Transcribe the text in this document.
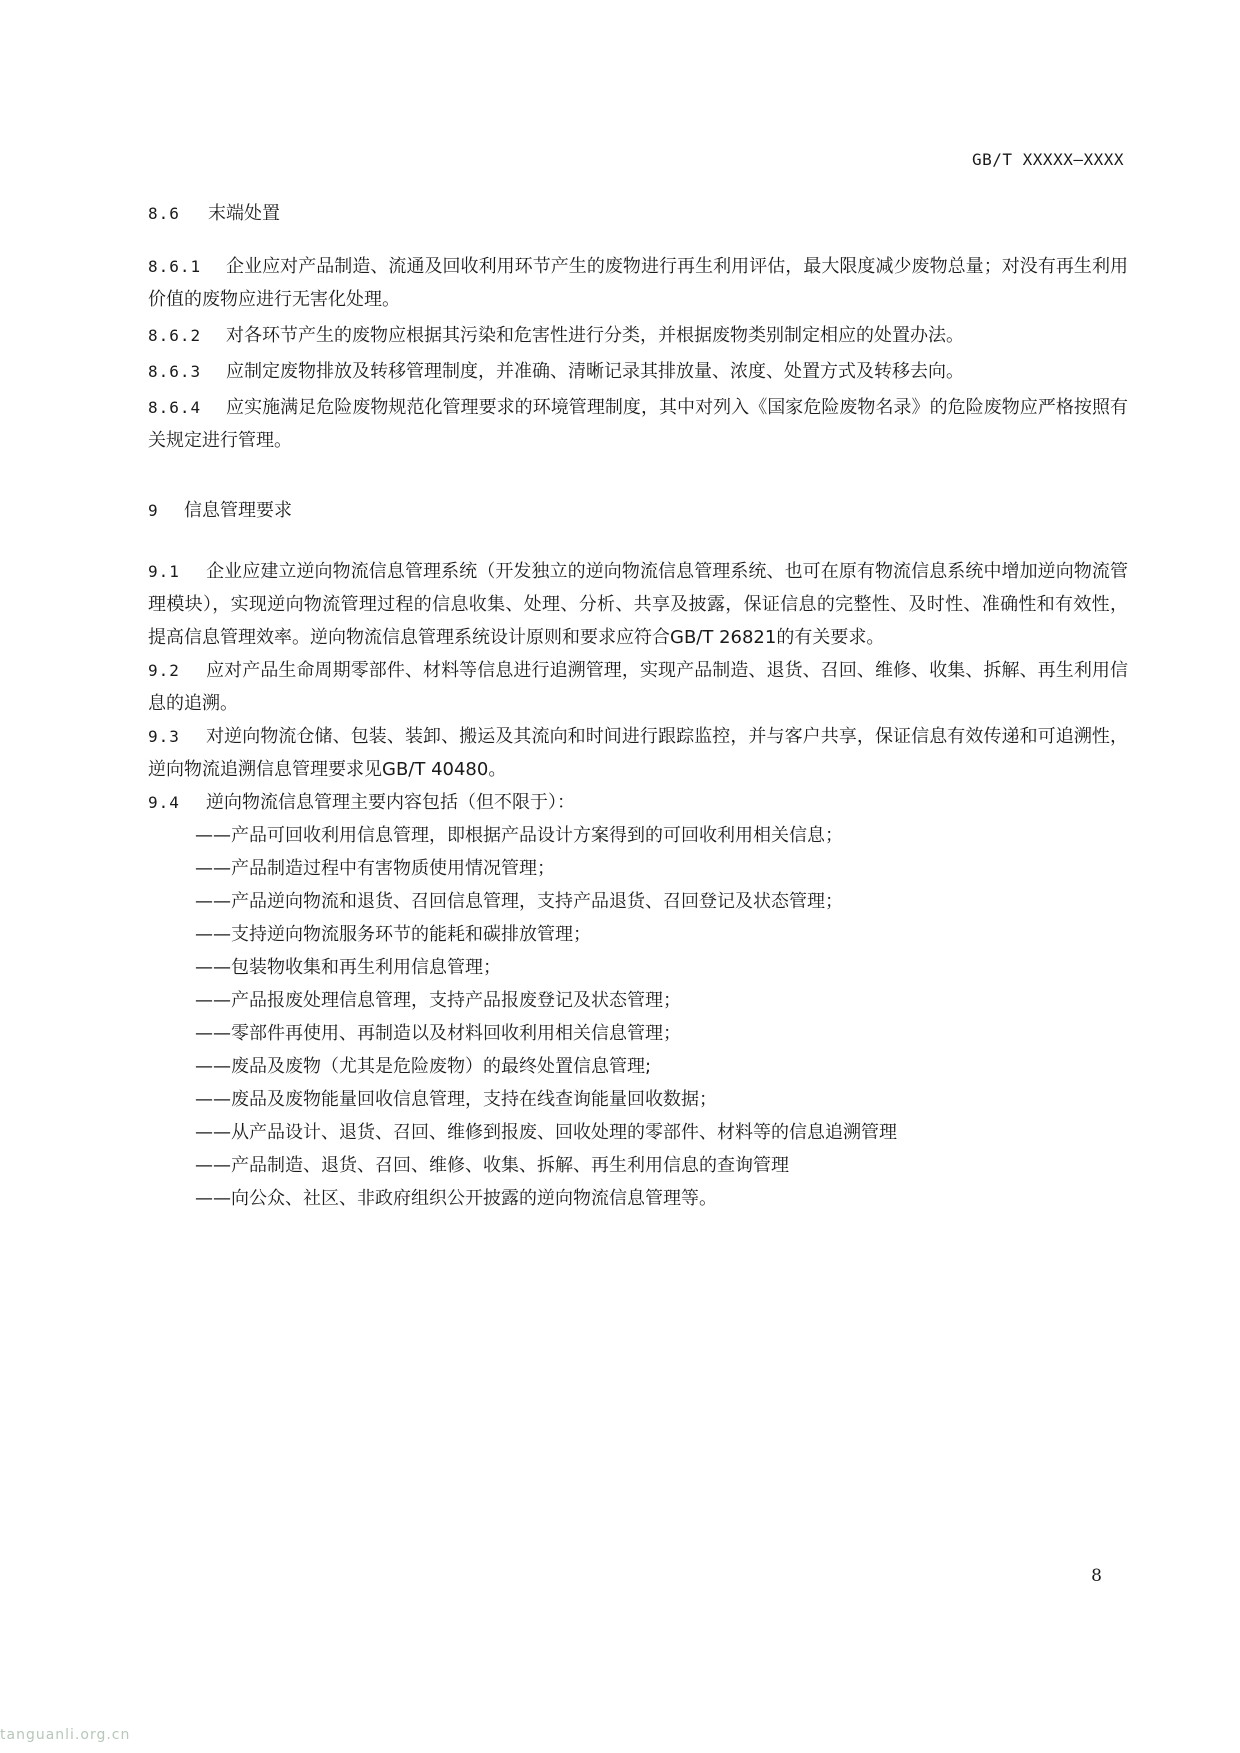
GB/T XXXXX—XXXX
8.6 末端处置

8.6.1 企业应对产品制造、流通及回收利用环节产生的废物进行再生利用评估，最大限度减少废物总量；对没有再生利用价值的废物应进行无害化处理。

8.6.2 对各环节产生的废物应根据其污染和危害性进行分类，并根据废物类别制定相应的处置办法。

8.6.3 应制定废物排放及转移管理制度，并准确、清晰记录其排放量、浓度、处置方式及转移去向。

8.6.4 应实施满足危险废物规范化管理要求的环境管理制度，其中对列入《国家危险废物名录》的危险废物应严格按照有关规定进行管理。

9 信息管理要求

9.1 企业应建立逆向物流信息管理系统（开发独立的逆向物流信息管理系统、也可在原有物流信息系统中增加逆向物流管理模块），实现逆向物流管理过程的信息收集、处理、分析、共享及披露，保证信息的完整性、及时性、准确性和有效性，提高信息管理效率。逆向物流信息管理系统设计原则和要求应符合GB/T 26821的有关要求。

9.2 应对产品生命周期零部件、材料等信息进行追溯管理，实现产品制造、退货、召回、维修、收集、拆解、再生利用信息的追溯。

9.3 对逆向物流仓储、包装、装卸、搬运及其流向和时间进行跟踪监控，并与客户共享，保证信息有效传递和可追溯性，逆向物流追溯信息管理要求见GB/T 40480。

9.4 逆向物流信息管理主要内容包括（但不限于）：

——产品可回收利用信息管理，即根据产品设计方案得到的可回收利用相关信息；
——产品制造过程中有害物质使用情况管理；
——产品逆向物流和退货、召回信息管理，支持产品退货、召回登记及状态管理；
——支持逆向物流服务环节的能耗和碳排放管理；
——包装物收集和再生利用信息管理；
——产品报废处理信息管理，支持产品报废登记及状态管理；
——零部件再使用、再制造以及材料回收利用相关信息管理；
——废品及废物（尤其是危险废物）的最终处置信息管理;
——废品及废物能量回收信息管理，支持在线查询能量回收数据；
——从产品设计、退货、召回、维修到报废、回收处理的零部件、材料等的信息追溯管理
——产品制造、退货、召回、维修、收集、拆解、再生利用信息的查询管理
——向公众、社区、非政府组织公开披露的逆向物流信息管理等。
8
tanguanli.org.cn
